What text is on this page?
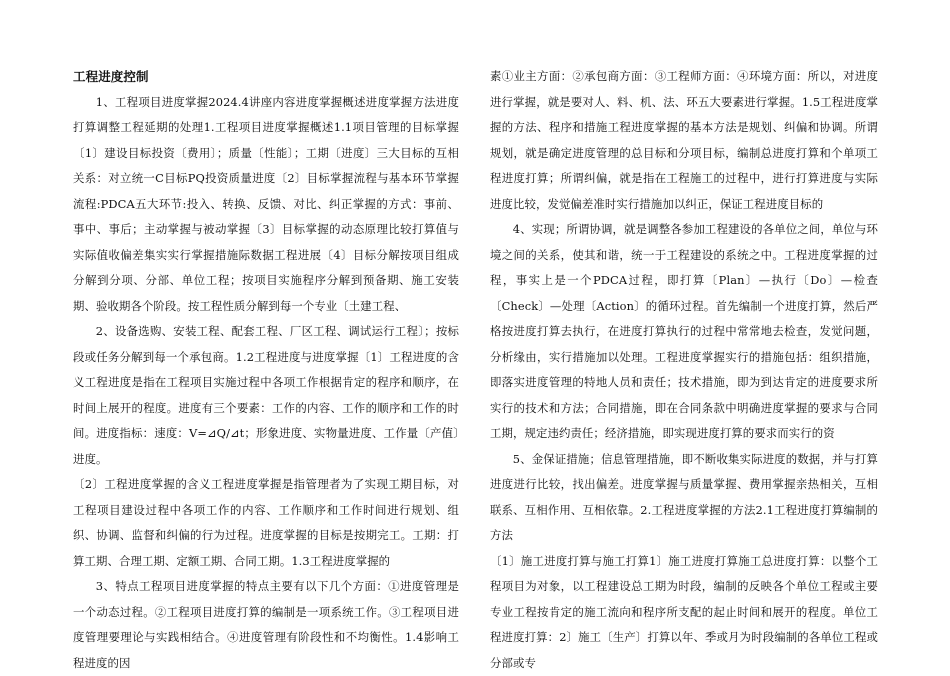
工程进度控制

1、工程项目进度掌握2024.4讲座内容进度掌握概述进度掌握方法进度打算调整工程延期的处理1.工程项目进度掌握概述1.1项目管理的目标掌握〔1〕建设目标投资〔费用〕；质量〔性能〕；工期〔进度〕三大目标的互相关系：对立统一C目标PQ投资质量进度〔2〕目标掌握流程与基本环节掌握流程:PDCA五大环节:投入、转换、反馈、对比、纠正掌握的方式：事前、事中、事后；主动掌握与被动掌握〔3〕目标掌握的动态原理比较打算值与实际值收偏差集实实行掌握措施际数据工程进展〔4〕目标分解按项目组成分解到分项、分部、单位工程；按项目实施程序分解到预备期、施工安装期、验收期各个阶段。按工程性质分解到每一个专业〔土建工程、

2、设备选购、安装工程、配套工程、厂区工程、调试运行工程〕；按标段或任务分解到每一个承包商。1.2工程进度与进度掌握〔1〕工程进度的含义工程进度是指在工程项目实施过程中各项工作根据肯定的程序和顺序，在时间上展开的程度。进度有三个要素：工作的内容、工作的顺序和工作的时间。进度指标：速度：V=⊿Q/⊿t；形象进度、实物量进度、工作量〔产值〕进度。

〔2〕工程进度掌握的含义工程进度掌握是指管理者为了实现工期目标，对工程项目建设过程中各项工作的内容、工作顺序和工作时间进行规划、组织、协调、监督和纠偏的行为过程。进度掌握的目标是按期完工。工期：打算工期、合理工期、定额工期、合同工期。1.3工程进度掌握的

3、特点工程项目进度掌握的特点主要有以下几个方面：①进度管理是一个动态过程。②工程项目进度打算的编制是一项系统工作。③工程项目进度管理要理论与实践相结合。④进度管理有阶段性和不均衡性。1.4影响工程进度的因

素①业主方面：②承包商方面：③工程师方面：④环境方面：所以，对进度进行掌握，就是要对人、料、机、法、环五大要素进行掌握。1.5工程进度掌握的方法、程序和措施工程进度掌握的基本方法是规划、纠偏和协调。所谓规划，就是确定进度管理的总目标和分项目标，编制总进度打算和个单项工程进度打算；所谓纠偏，就是指在工程施工的过程中，进行打算进度与实际进度比较，发觉偏差准时实行措施加以纠正，保证工程进度目标的

4、实现；所谓协调，就是调整各参加工程建设的各单位之间，单位与环境之间的关系，使其和谐，统一于工程建设的系统之中。工程进度掌握的过程，事实上是一个PDCA过程，即打算〔Plan〕—执行〔Do〕—检查〔Check〕—处理〔Action〕的循环过程。首先编制一个进度打算，然后严格按进度打算去执行，在进度打算执行的过程中常常地去检查，发觉问题，分析缘由，实行措施加以处理。工程进度掌握实行的措施包括：组织措施，即落实进度管理的特地人员和责任；技术措施，即为到达肯定的进度要求所实行的技术和方法；合同措施，即在合同条款中明确进度掌握的要求与合同工期，规定违约责任；经济措施，即实现进度打算的要求而实行的资

5、金保证措施；信息管理措施，即不断收集实际进度的数据，并与打算进度进行比较，找出偏差。进度掌握与质量掌握、费用掌握亲热相关，互相联系、互相作用、互相依靠。2.工程进度掌握的方法2.1工程进度打算编制的方法

〔1〕施工进度打算与施工打算1〕施工进度打算施工总进度打算：以整个工程项目为对象，以工程建设总工期为时段，编制的反映各个单位工程或主要专业工程按肯定的施工流向和程序所支配的起止时间和展开的程度。单位工程进度打算：2〕施工〔生产〕打算以年、季或月为时段编制的各单位工程或分部或专
